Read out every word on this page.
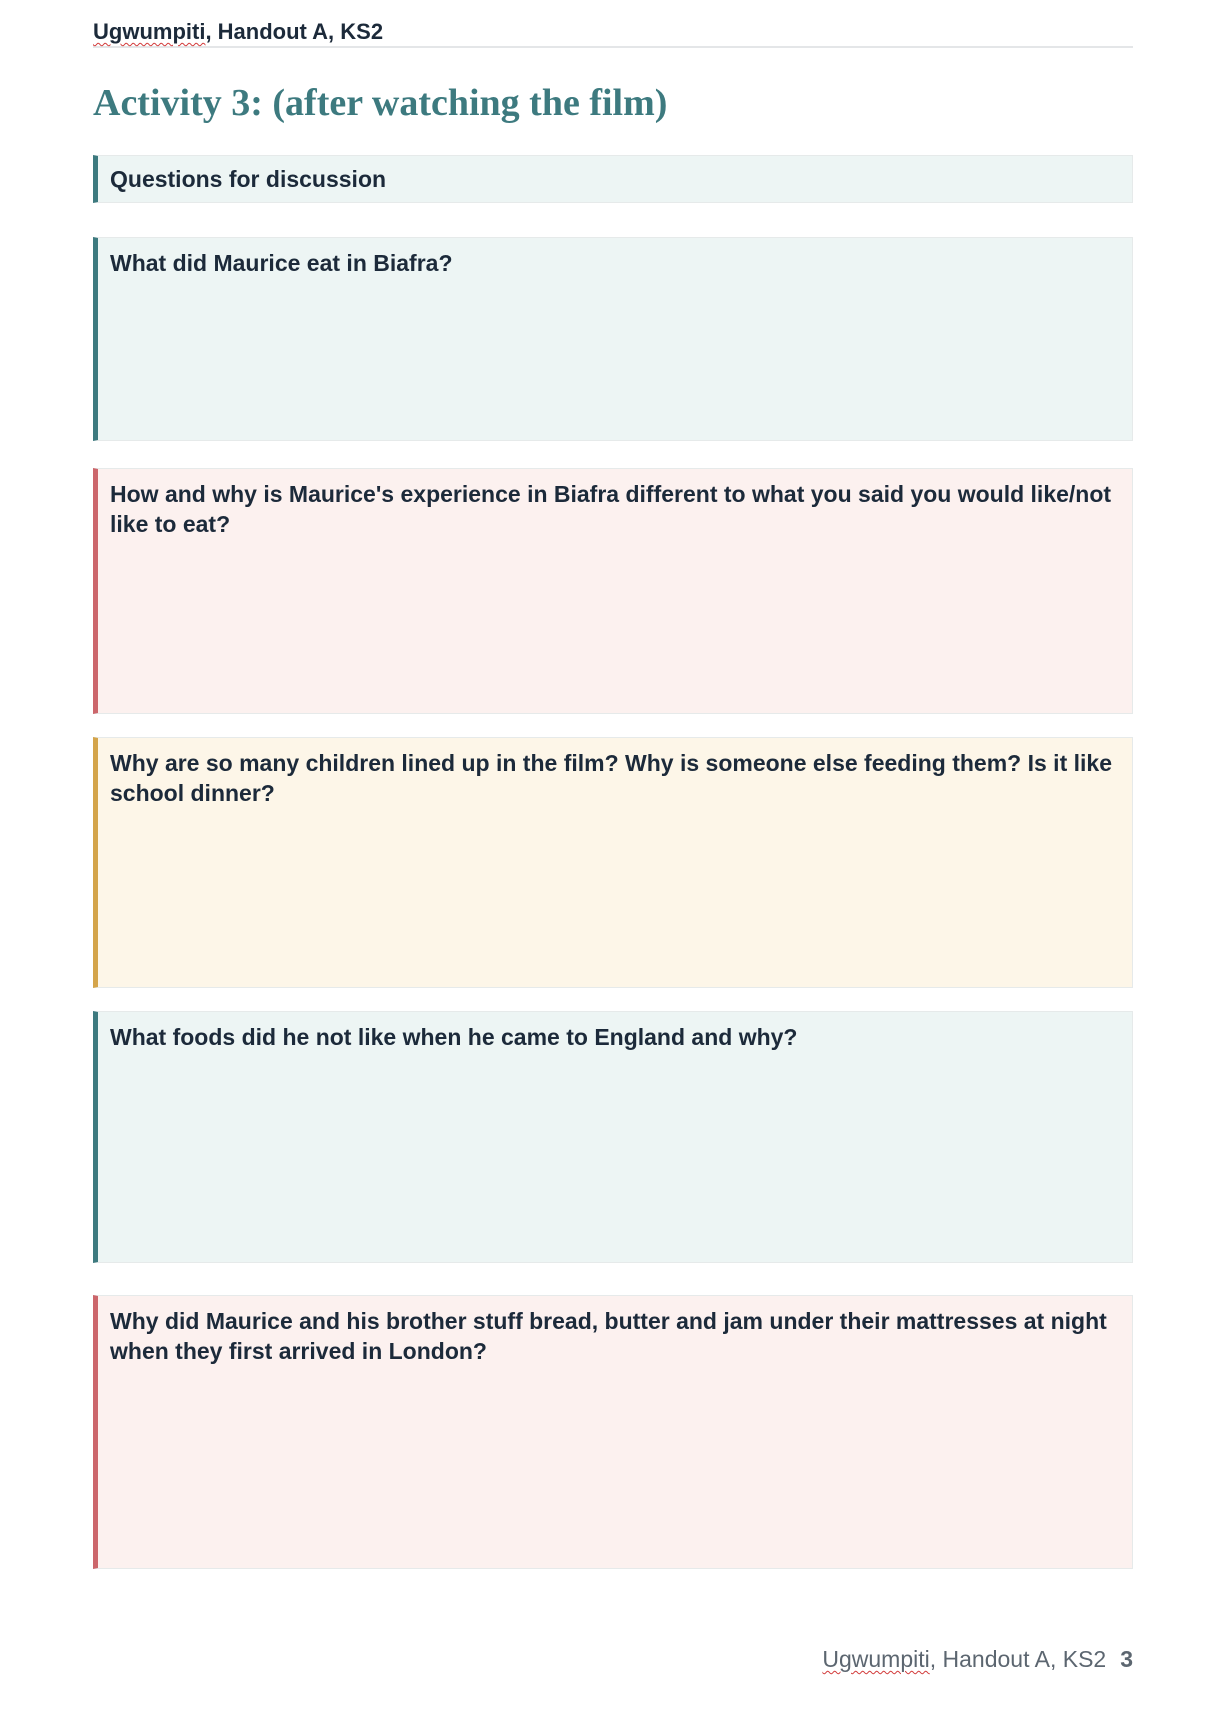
Ugwumpiti, Handout A, KS2
Activity 3: (after watching the film)
Questions for discussion
What did Maurice eat in Biafra?
How and why is Maurice's experience in Biafra different to what you said you would like/not like to eat?
Why are so many children lined up in the film? Why is someone else feeding them? Is it like school dinner?
What foods did he not like when he came to England and why?
Why did Maurice and his brother stuff bread, butter and jam under their mattresses at night when they first arrived in London?
Ugwumpiti, Handout A, KS2 3
